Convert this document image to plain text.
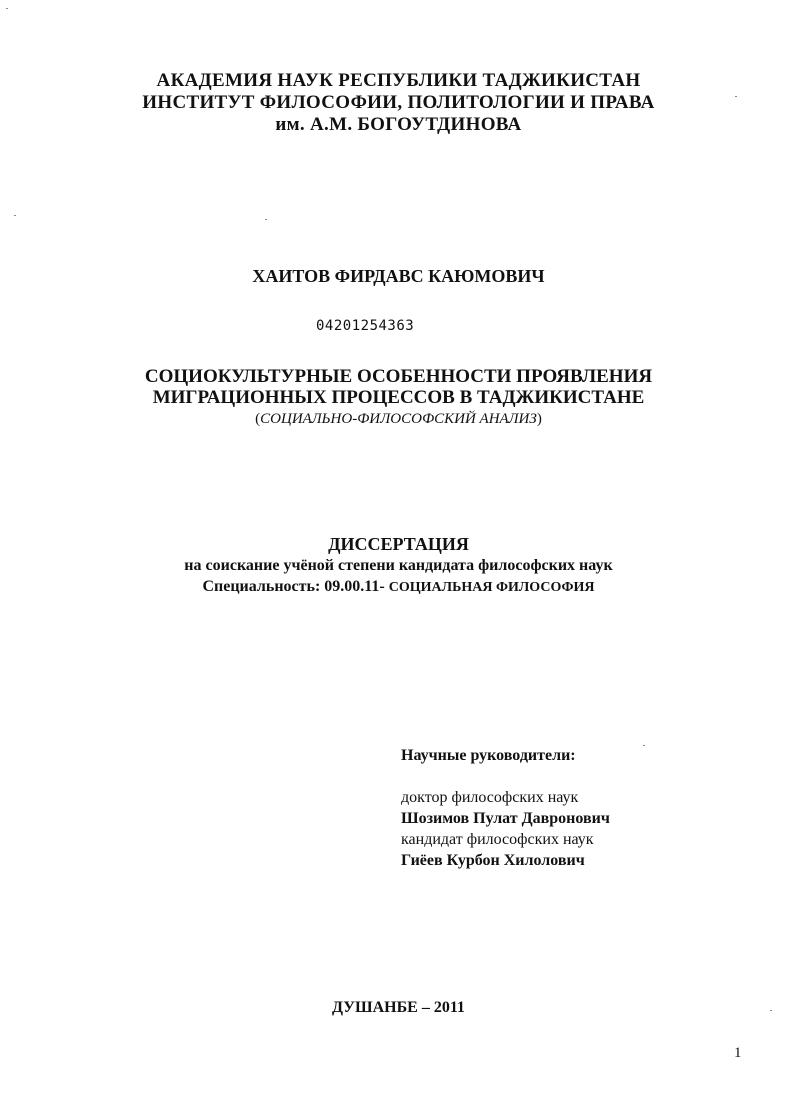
АКАДЕМИЯ НАУК РЕСПУБЛИКИ ТАДЖИКИСТАН
ИНСТИТУТ ФИЛОСОФИИ, ПОЛИТОЛОГИИ И ПРАВА
им. А.М. БОГОУТДИНОВА
ХАИТОВ ФИРДАВС КАЮМОВИЧ
04201254363
СОЦИОКУЛЬТУРНЫЕ ОСОБЕННОСТИ ПРОЯВЛЕНИЯ
МИГРАЦИОННЫХ ПРОЦЕССОВ В ТАДЖИКИСТАНЕ
(СОЦИАЛЬНО-ФИЛОСОФСКИЙ АНАЛИЗ)
ДИССЕРТАЦИЯ
на соискание учёной степени кандидата философских наук
Специальность: 09.00.11- СОЦИАЛЬНАЯ ФИЛОСОФИЯ
Научные руководители:
доктор философских наук
Шозимов Пулат Давронович
кандидат философских наук
Гиёев Курбон Хилолович
ДУШАНБЕ – 2011
1
